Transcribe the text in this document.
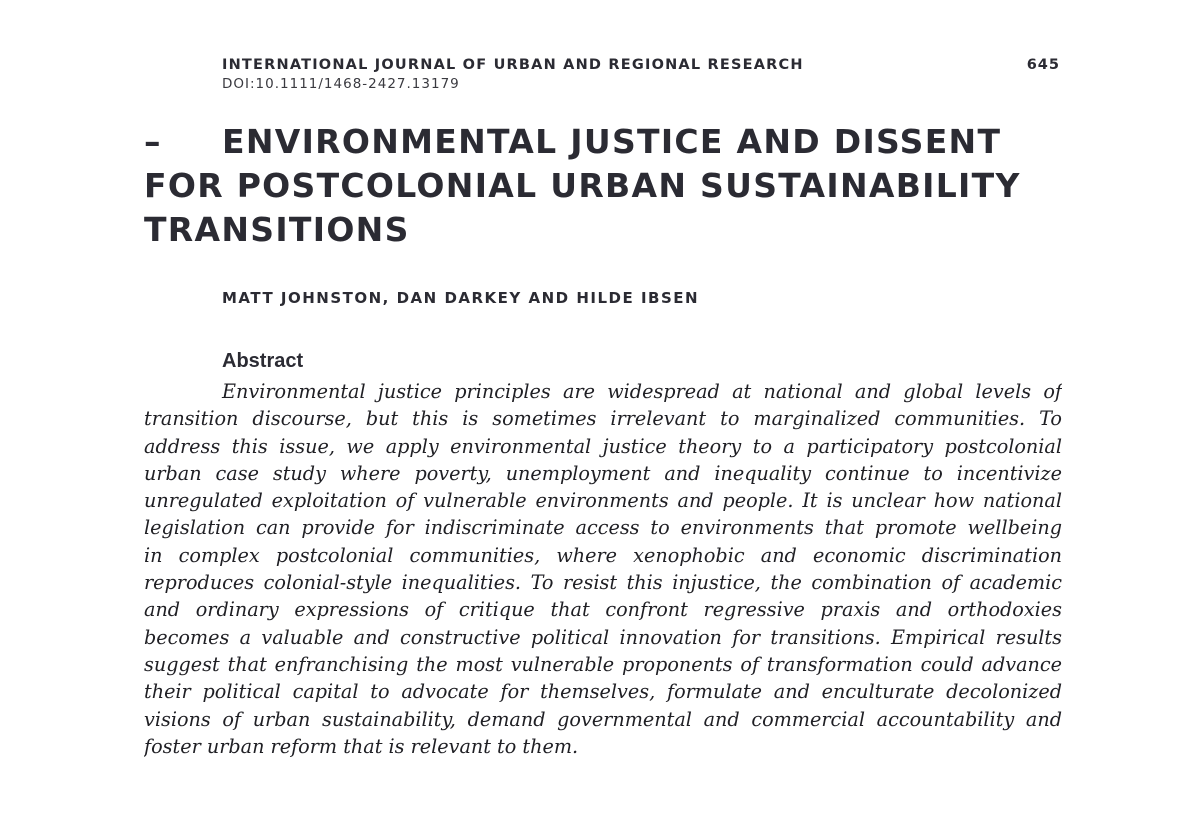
INTERNATIONAL JOURNAL OF URBAN AND REGIONAL RESEARCH
DOI:10.1111/1468-2427.13179
645
– ENVIRONMENTAL JUSTICE AND DISSENT
FOR POSTCOLONIAL URBAN SUSTAINABILITY
TRANSITIONS
MATT JOHNSTON, DAN DARKEY AND HILDE IBSEN
Abstract
Environmental justice principles are widespread at national and global levels of
transition discourse, but this is sometimes irrelevant to marginalized communities. To
address this issue, we apply environmental justice theory to a participatory postcolonial
urban case study where poverty, unemployment and inequality continue to incentivize
unregulated exploitation of vulnerable environments and people. It is unclear how national
legislation can provide for indiscriminate access to environments that promote wellbeing
in complex postcolonial communities, where xenophobic and economic discrimination
reproduces colonial-style inequalities. To resist this injustice, the combination of academic
and ordinary expressions of critique that confront regressive praxis and orthodoxies
becomes a valuable and constructive political innovation for transitions. Empirical results
suggest that enfranchising the most vulnerable proponents of transformation could advance
their political capital to advocate for themselves, formulate and enculturate decolonized
visions of urban sustainability, demand governmental and commercial accountability and
foster urban reform that is relevant to them.
